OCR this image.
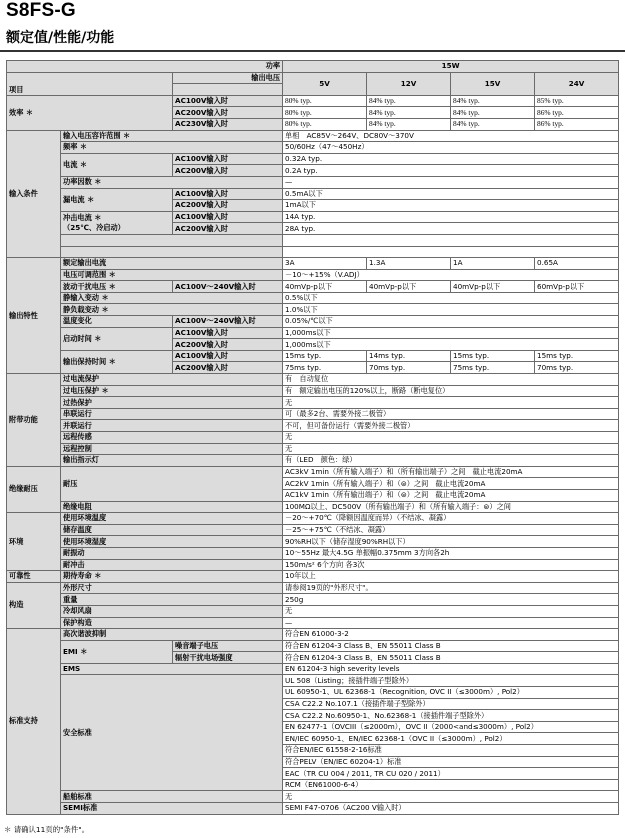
S8FS-G
额定值/性能/功能
功率			15W			
项目		输出电压	5V	12V	15V	24V

效率 ＊		AC100V输入时	80% typ.	84% typ.	84% typ.	85% typ.
		AC200V输入时	80% typ.	84% typ.	84% typ.	86% typ.
		AC230V输入时	80% typ.	84% typ.	84% typ.	86% typ.
输入条件	输入电压容许范围 ＊		单相　AC85V～264V、DC80V～370V			
	频率 ＊		50/60Hz（47～450Hz）			
	电流 ＊	AC100V输入时	0.32A typ.			
		AC200V输入时	0.2A typ.			
	功率因数 ＊		—			
	漏电流 ＊	AC100V输入时	0.5mA以下			
		AC200V输入时	1mA以下			
	冲击电流 ＊
（25℃、冷启动）	AC100V输入时	14A typ.			
		AC200V输入时	28A typ.			

输出特性	额定输出电流		3A	1.3A	1A	0.65A
	电压可调范围 ＊		－10～+15%（V.ADJ）			
	波动干扰电压 ＊	AC100V～240V输入时	40mVp-p以下	40mVp-p以下	40mVp-p以下	60mVp-p以下
	静输入变动 ＊		0.5%以下			
	静负载变动 ＊		1.0%以下			
	温度变化	AC100V～240V输入时	0.05%/℃以下			
	启动时间 ＊	AC100V输入时	1,000ms以下			
		AC200V输入时	1,000ms以下			
	输出保持时间 ＊	AC100V输入时	15ms typ.	14ms typ.	15ms typ.	15ms typ.
		AC200V输入时	75ms typ.	70ms typ.	75ms typ.	70ms typ.
附带功能	过电流保护		有　自动复位			
	过电压保护 ＊		有　额定输出电压的120%以上，断路（断电复位）			
	过热保护		无			
	串联运行		可（最多2台、需要外接二极管）			
	并联运行		不可，但可备份运行（需要外接二极管）			
	远程传感		无			
	远程控制		无			
	输出指示灯		有（LED　颜色：绿）			
绝缘耐压	耐压		AC3kV 1min（所有输入端子）和（所有输出端子）之间　截止电流20mA			
			AC2kV 1min（所有输入端子）和（⊜）之间　截止电流20mA			
			AC1kV 1min（所有输出端子）和（⊜）之间　截止电流20mA			
	绝缘电阻		100MΩ以上、DC500V（所有输出端子）和（所有输入端子：⊜）之间			
环境	使用环境温度		－20～+70℃（降额因温度而异）（不结冰、凝露）			
	储存温度		－25～+75℃（不结冰、凝露）			
	使用环境湿度		90%RH以下（储存湿度90%RH以下）			
	耐振动		10～55Hz 最大4.5G 单振幅0.375mm 3方向各2h			
	耐冲击		150m/s² 6个方向 各3次			
可靠性	期待寿命 ＊		10年以上			
构造	外形尺寸		请参阅19页的"外形尺寸"。			
	重量		250g			
	冷却风扇		无			
	保护构造		—			
标准支持	高次谐波抑制		符合EN 61000-3-2			
	EMI ＊	噪音端子电压	符合EN 61204-3 Class B、EN 55011 Class B			
		辐射干扰电场强度	符合EN 61204-3 Class B、EN 55011 Class B			
	EMS		EN 61204-3 high severity levels			
	安全标准		UL 508（Listing；接插件端子型除外）			
			UL 60950-1、UL 62368-1（Recognition, OVC II（≤3000m）, Pol2）			
			CSA C22.2 No.107.1（接插件端子型除外）			
			CSA C22.2 No.60950-1、No.62368-1（接插件端子型除外）			
			EN 62477-1（OVCIII（≤2000m），OVC II（2000<and≤3000m）, Pol2）			
			EN/IEC 60950-1、EN/IEC 62368-1（OVC II（≤3000m）, Pol2）			
			符合EN/IEC 61558-2-16标准			
			符合PELV（EN/IEC 60204-1）标准			
			EAC（TR CU 004 / 2011, TR CU 020 / 2011）			
			RCM（EN61000-6-4）			
	船舶标准		无			
	SEMI标准		SEMI F47-0706（AC200 V输入时）			
＊ 请确认11页的"条件"。
